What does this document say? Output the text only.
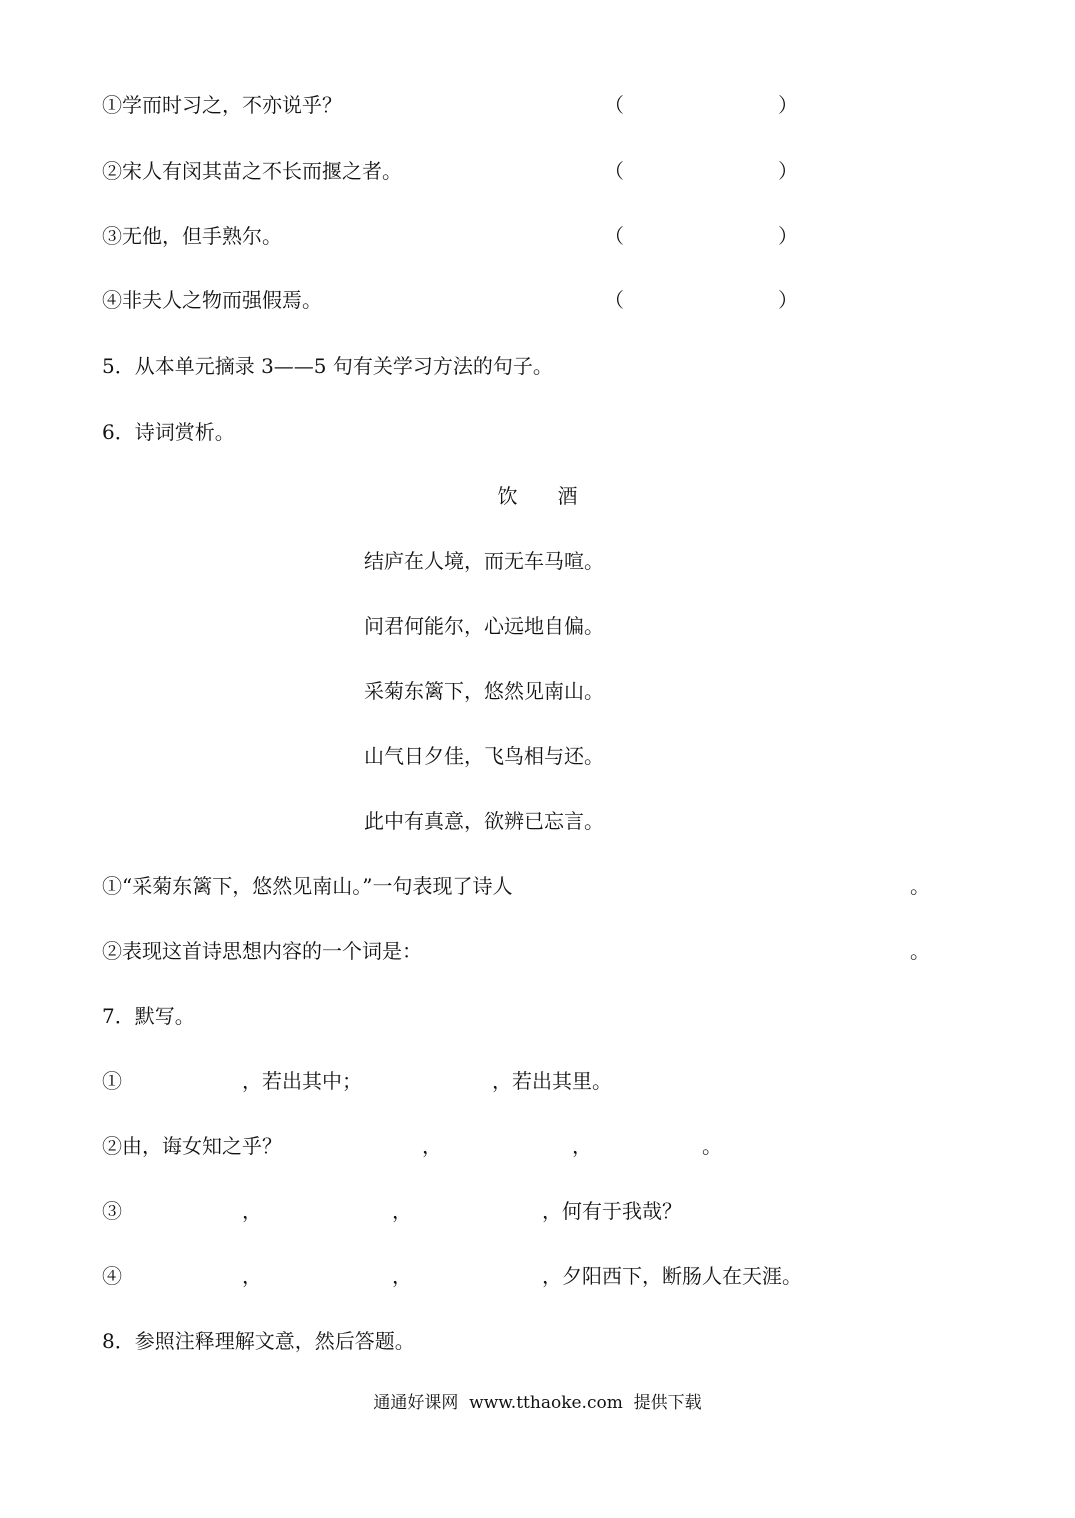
①学而时习之，不亦说乎？	（	）
②宋人有闵其苗之不长而揠之者。	（	）
③无他，但手熟尔。	（	）
④非夫人之物而强假焉。	（	）
5．从本单元摘录 3——5 句有关学习方法的句子。
6．诗词赏析。
饮　　酒
结庐在人境，而无车马喧。
问君何能尔，心远地自偏。
采菊东篱下，悠然见南山。
山气日夕佳，飞鸟相与还。
此中有真意，欲辨已忘言。
①“采菊东篱下，悠然见南山。”一句表现了诗人	。
②表现这首诗思想内容的一个词是：	。
7．默写。
①　　　　　　，若出其中；　　　　　　　，若出其里。
②由，诲女知之乎？　　　　　　　，　　　　　　　，　　　　　　。
③　　　　　　，　　　　　　　，　　　　　　　，何有于我哉？
④　　　　　　，　　　　　　　，　　　　　　　，夕阳西下，断肠人在天涯。
8．参照注释理解文意，然后答题。
通通好课网  www.tthaoke.com  提供下载
